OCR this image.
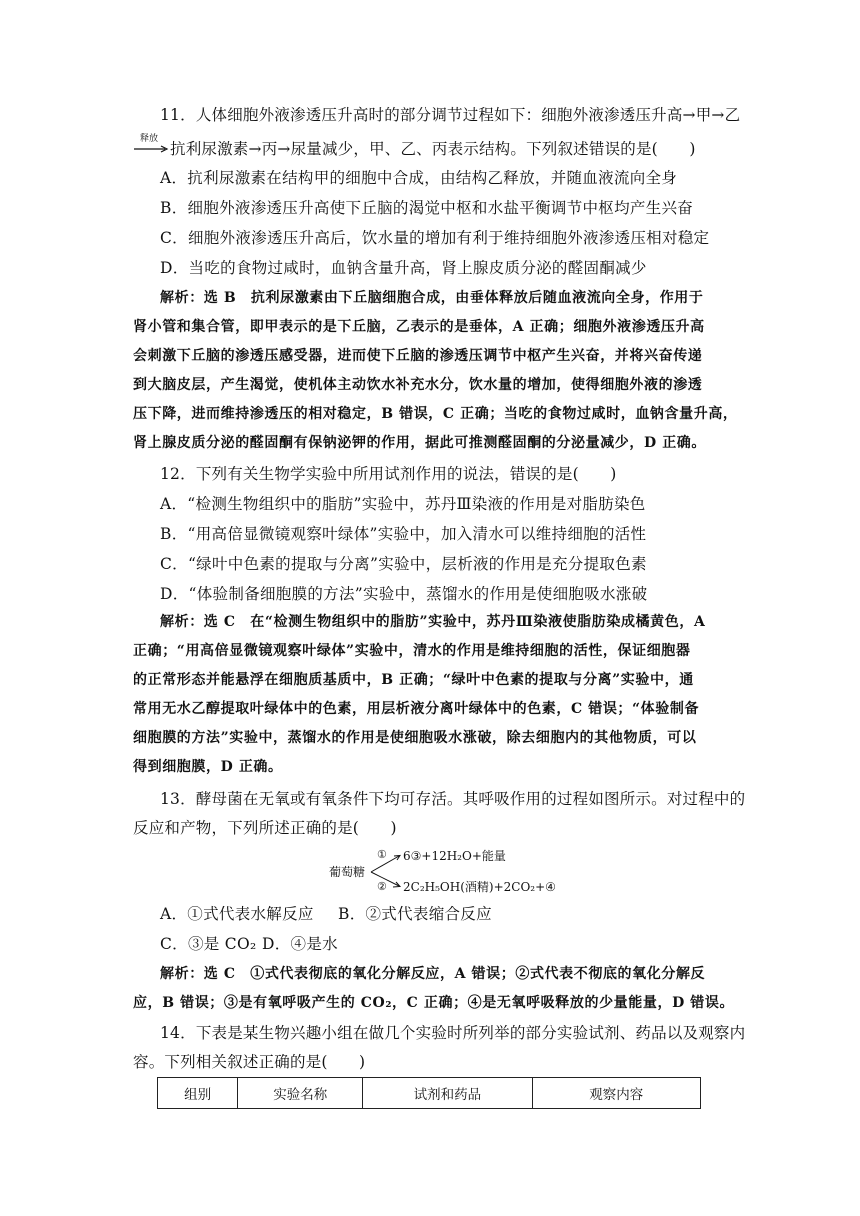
11．人体细胞外液渗透压升高时的部分调节过程如下：细胞外液渗透压升高→甲→乙
释放
抗利尿激素→丙→尿量减少，甲、乙、丙表示结构。下列叙述错误的是(　　)
A．抗利尿激素在结构甲的细胞中合成，由结构乙释放，并随血液流向全身
B．细胞外液渗透压升高使下丘脑的渴觉中枢和水盐平衡调节中枢均产生兴奋
C．细胞外液渗透压升高后，饮水量的增加有利于维持细胞外液渗透压相对稳定
D．当吃的食物过咸时，血钠含量升高，肾上腺皮质分泌的醛固酮减少
解析：选 B　抗利尿激素由下丘脑细胞合成，由垂体释放后随血液流向全身，作用于
肾小管和集合管，即甲表示的是下丘脑，乙表示的是垂体，A 正确；细胞外液渗透压升高
会刺激下丘脑的渗透压感受器，进而使下丘脑的渗透压调节中枢产生兴奋，并将兴奋传递
到大脑皮层，产生渴觉，使机体主动饮水补充水分，饮水量的增加，使得细胞外液的渗透
压下降，进而维持渗透压的相对稳定，B 错误，C 正确；当吃的食物过咸时，血钠含量升高，
肾上腺皮质分泌的醛固酮有保钠泌钾的作用，据此可推测醛固酮的分泌量减少，D 正确。
12．下列有关生物学实验中所用试剂作用的说法，错误的是(　　)
A．“检测生物组织中的脂肪”实验中，苏丹Ⅲ染液的作用是对脂肪染色
B．“用高倍显微镜观察叶绿体”实验中，加入清水可以维持细胞的活性
C．“绿叶中色素的提取与分离”实验中，层析液的作用是充分提取色素
D．“体验制备细胞膜的方法”实验中，蒸馏水的作用是使细胞吸水涨破
解析：选 C　在“检测生物组织中的脂肪”实验中，苏丹Ⅲ染液使脂肪染成橘黄色，A
正确；“用高倍显微镜观察叶绿体”实验中，清水的作用是维持细胞的活性，保证细胞器
的正常形态并能悬浮在细胞质基质中，B 正确；“绿叶中色素的提取与分离”实验中，通
常用无水乙醇提取叶绿体中的色素，用层析液分离叶绿体中的色素，C 错误；“体验制备
细胞膜的方法”实验中，蒸馏水的作用是使细胞吸水涨破，除去细胞内的其他物质，可以
得到细胞膜，D 正确。
13．酵母菌在无氧或有氧条件下均可存活。其呼吸作用的过程如图所示。对过程中的
反应和产物，下列所述正确的是(　　)
葡萄糖
①
②
6③+12H₂O+能量
2C₂H₅OH(酒精)+2CO₂+④
A．①式代表水解反应 B．②式代表缩合反应
C．③是 CO₂ D．④是水
解析：选 C　①式代表彻底的氧化分解反应，A 错误；②式代表不彻底的氧化分解反
应，B 错误；③是有氧呼吸产生的 CO₂，C 正确；④是无氧呼吸释放的少量能量，D 错误。
14．下表是某生物兴趣小组在做几个实验时所列举的部分实验试剂、药品以及观察内
容。下列相关叙述正确的是(　　)
组别	实验名称	试剂和药品	观察内容
